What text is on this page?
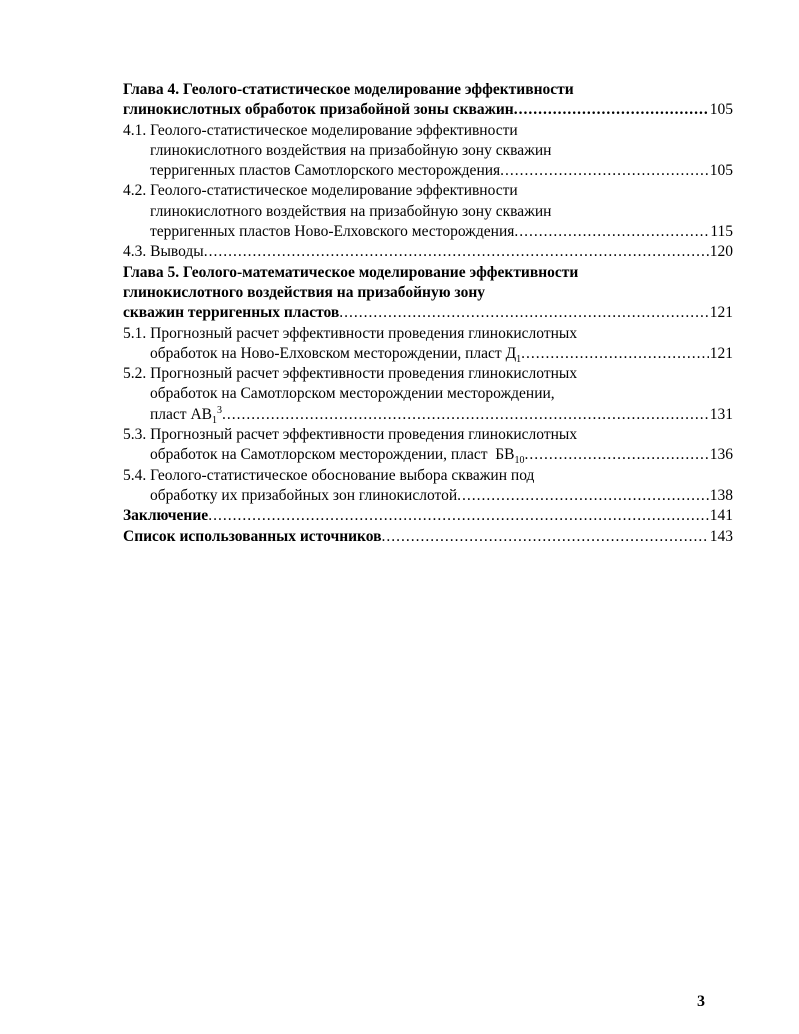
Глава 4. Геолого-статистическое моделирование эффективности
глинокислотных обработок призабойной зоны скважин .....	105
4.1. Геолого-статистическое моделирование эффективности
глинокислотного воздействия на призабойную зону скважин
терригенных пластов Самотлорского месторождения .....	105
4.2. Геолого-статистическое моделирование эффективности
глинокислотного воздействия на призабойную зону скважин
терригенных пластов Ново-Елховского месторождения .....	115
4.3. Выводы .....	120
Глава 5. Геолого-математическое моделирование эффективности
глинокислотного воздействия на призабойную зону
скважин терригенных пластов .....	121
5.1. Прогнозный расчет эффективности проведения глинокислотных
обработок на Ново-Елховском месторождении, пласт $Д_1$ .....	121
5.2. Прогнозный расчет эффективности проведения глинокислотных
обработок на Самотлорском месторождении месторождении,
пласт $АВ_1^3$ .....	131
5.3. Прогнозный расчет эффективности проведения глинокислотных
обработок на Самотлорском месторождении, пласт  $БВ_{10}$ .....	136
5.4. Геолого-статистическое обоснование выбора скважин под
обработку их призабойных зон глинокислотой .....	138
Заключение .....	141
Список использованных источников .....	143
3
